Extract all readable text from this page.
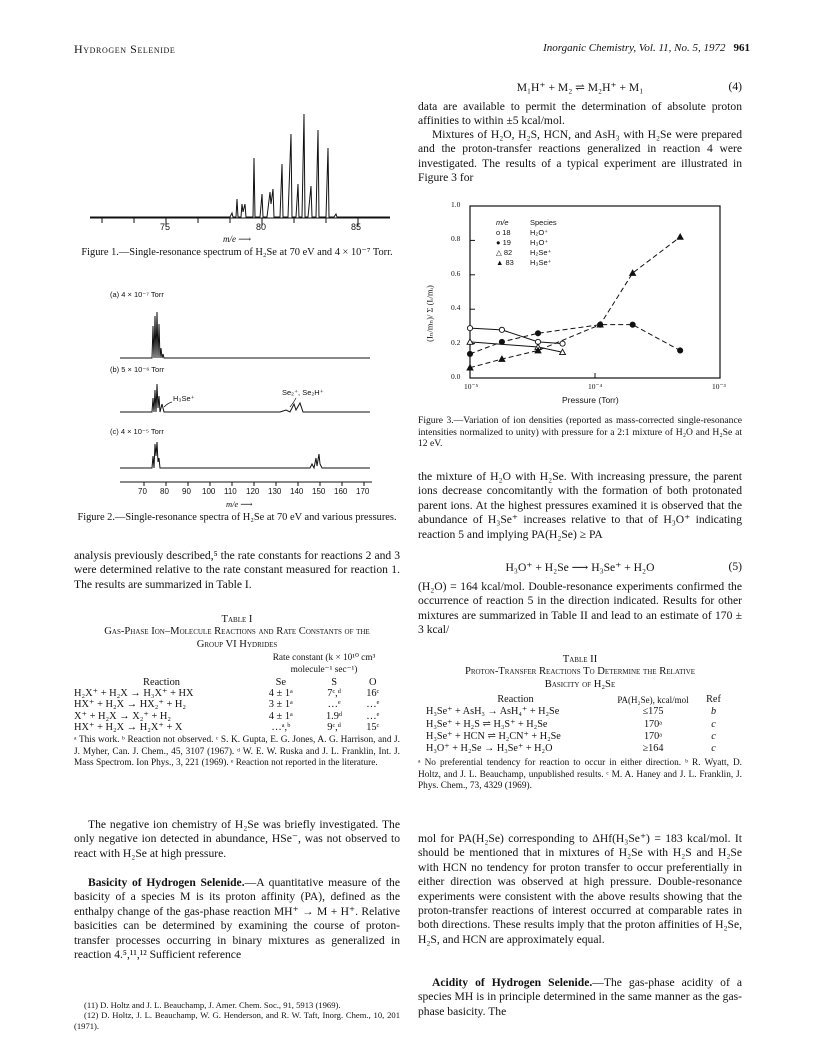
Hydrogen Selenide	Inorganic Chemistry, Vol. 11, No. 5, 1972 961
75	80	85
m/e ⟶
Figure 1.—Single-resonance spectrum of H₂Se at 70 eV and 4 × 10⁻⁷ Torr.
(a) 4 × 10⁻⁷ Torr
(b) 5 × 10⁻⁶ Torr
(c) 4 × 10⁻⁵ Torr
H₃Se⁺
Se₂⁺, Se₂H⁺
70 80 90 100 110 120 130 140 150 160 170
m/e ⟶
Figure 2.—Single-resonance spectra of H₂Se at 70 eV and various pressures.
analysis previously described,⁵ the rate constants for reactions 2 and 3 were determined relative to the rate constant measured for reaction 1. The results are summarized in Table I.
Table I
Gas-Phase Ion–Molecule Reactions and Rate Constants of the Group VI Hydrides
Rate constant (k × 10¹⁰ cm³ molecule⁻¹ sec⁻¹)
Reaction	Se	S	O
H₂X⁺ + H₂X → H₃X⁺ + HX	4 ± 1ᵃ	7ᶜ,ᵈ	16ᶜ
HX⁺ + H₂X → HX₂⁺ + H₂	3 ± 1ᵃ	…ᵉ	…ᵉ
X⁺ + H₂X → X₂⁺ + H₂	4 ± 1ᵃ	1.9ᵈ	…ᵉ
HX⁺ + H₂X → H₂X⁺ + X	…ᵃ,ᵇ	9ᶜ,ᵈ	15ᶜ
ᵃ This work. ᵇ Reaction not observed. ᶜ S. K. Gupta, E. G. Jones, A. G. Harrison, and J. J. Myher, Can. J. Chem., 45, 3107 (1967). ᵈ W. E. W. Ruska and J. L. Franklin, Int. J. Mass Spectrom. Ion Phys., 3, 221 (1969). ᵉ Reaction not reported in the literature.
The negative ion chemistry of H₂Se was briefly investigated. The only negative ion detected in abundance, HSe⁻, was not observed to react with H₂Se at high pressure.
Basicity of Hydrogen Selenide.—A quantitative measure of the basicity of a species M is its proton affinity (PA), defined as the enthalpy change of the gas-phase reaction MH⁺ → M + H⁺. Relative basicities can be determined by examining the course of proton-transfer processes occurring in binary mixtures as generalized in reaction 4.⁵,¹¹,¹² Sufficient reference
(11) D. Holtz and J. L. Beauchamp, J. Amer. Chem. Soc., 91, 5913 (1969).
(12) D. Holtz, J. L. Beauchamp, W. G. Henderson, and R. W. Taft, Inorg. Chem., 10, 201 (1971).
M₁H⁺ + M₂ ⇌ M₂H⁺ + M₁	(4)
data are available to permit the determination of absolute proton affinities to within ±5 kcal/mol.
Mixtures of H₂O, H₂S, HCN, and AsH₃ with H₂Se were prepared and the proton-transfer reactions generalized in reaction 4 were investigated. The results of a typical experiment are illustrated in Figure 3 for
(Iₙ/mₙ)/ Σ (Iᵢ/mᵢ)
0.0
0.2
0.4
0.6
0.8
1.0
10⁻⁵	10⁻⁴	10⁻³
Pressure (Torr)
m/e	Species
o 18	H₂O⁺
● 19	H₃O⁺
△ 82 H₂Se⁺
▲ 83 H₃Se⁺
Figure 3.—Variation of ion densities (reported as mass-corrected single-resonance intensities normalized to unity) with pressure for a 2:1 mixture of H₂O and H₂Se at 12 eV.
the mixture of H₂O with H₂Se. With increasing pressure, the parent ions decrease concomitantly with the formation of both protonated parent ions. At the highest pressures examined it is observed that the abundance of H₃Se⁺ increases relative to that of H₃O⁺ indicating reaction 5 and implying PA(H₂Se) ≥ PA
H₃O⁺ + H₂Se ⟶ H₃Se⁺ + H₂O	(5)
(H₂O) = 164 kcal/mol. Double-resonance experiments confirmed the occurrence of reaction 5 in the direction indicated. Results for other mixtures are summarized in Table II and lead to an estimate of 170 ± 3 kcal/
Table II
Proton-Transfer Reactions To Determine the Relative Basicity of H₂Se
Reaction	PA(H₂Se), kcal/mol	Ref
H₃Se⁺ + AsH₃ → AsH₄⁺ + H₂Se	≤175	b
H₃Se⁺ + H₂S ⇌ H₃S⁺ + H₂Se	170ᵃ	c
H₃Se⁺ + HCN ⇌ H₂CN⁺ + H₂Se	170ᵃ	c
H₃O⁺ + H₂Se → H₃Se⁺ + H₂O	≥164	c
ᵃ No preferential tendency for reaction to occur in either direction. ᵇ R. Wyatt, D. Holtz, and J. L. Beauchamp, unpublished results. ᶜ M. A. Haney and J. L. Franklin, J. Phys. Chem., 73, 4329 (1969).
mol for PA(H₂Se) corresponding to ΔHf(H₃Se⁺) = 183 kcal/mol. It should be mentioned that in mixtures of H₂Se with H₂S and H₂Se with HCN no tendency for proton transfer to occur preferentially in either direction was observed at high pressure. Double-resonance experiments were consistent with the above results showing that the proton-transfer reactions of interest occurred at comparable rates in both directions. These results imply that the proton affinities of H₂Se, H₂S, and HCN are approximately equal.
Acidity of Hydrogen Selenide.—The gas-phase acidity of a species MH is in principle determined in the same manner as the gas-phase basicity. The
